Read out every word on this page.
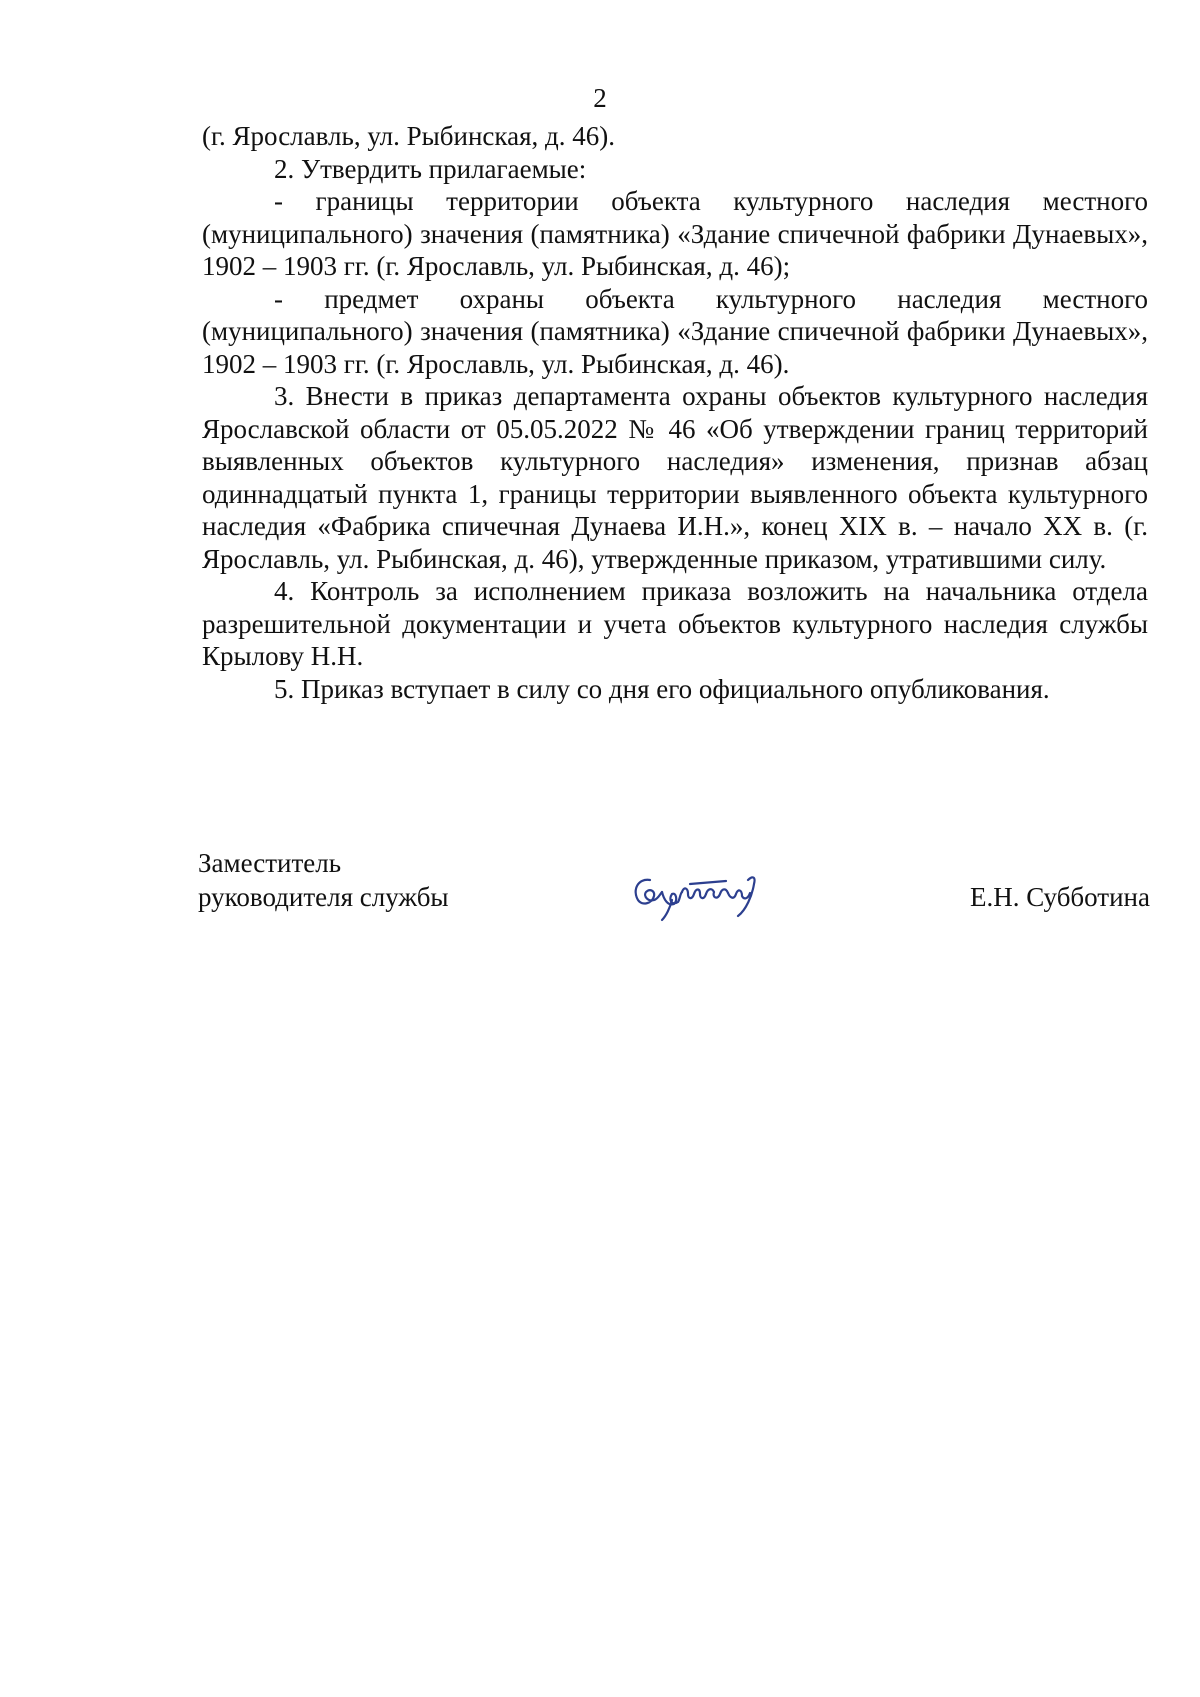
2

(г. Ярославль, ул. Рыбинская, д. 46).

2. Утвердить прилагаемые:

- границы территории объекта культурного наследия местного (муниципального) значения (памятника) «Здание спичечной фабрики Дунаевых», 1902 – 1903 гг. (г. Ярославль, ул. Рыбинская, д. 46);

- предмет охраны объекта культурного наследия местного (муниципального) значения (памятника) «Здание спичечной фабрики Дунаевых», 1902 – 1903 гг. (г. Ярославль, ул. Рыбинская, д. 46).

3. Внести в приказ департамента охраны объектов культурного наследия Ярославской области от 05.05.2022 № 46 «Об утверждении границ территорий выявленных объектов культурного наследия» изменения, признав абзац одиннадцатый пункта 1, границы территории выявленного объекта культурного наследия «Фабрика спичечная Дунаева И.Н.», конец XIX в. – начало XX в. (г. Ярославль, ул. Рыбинская, д. 46), утвержденные приказом, утратившими силу.

4. Контроль за исполнением приказа возложить на начальника отдела разрешительной документации и учета объектов культурного наследия службы Крылову Н.Н.

5. Приказ вступает в силу со дня его официального опубликования.

Заместитель
руководителя службы	Е.Н. Субботина
